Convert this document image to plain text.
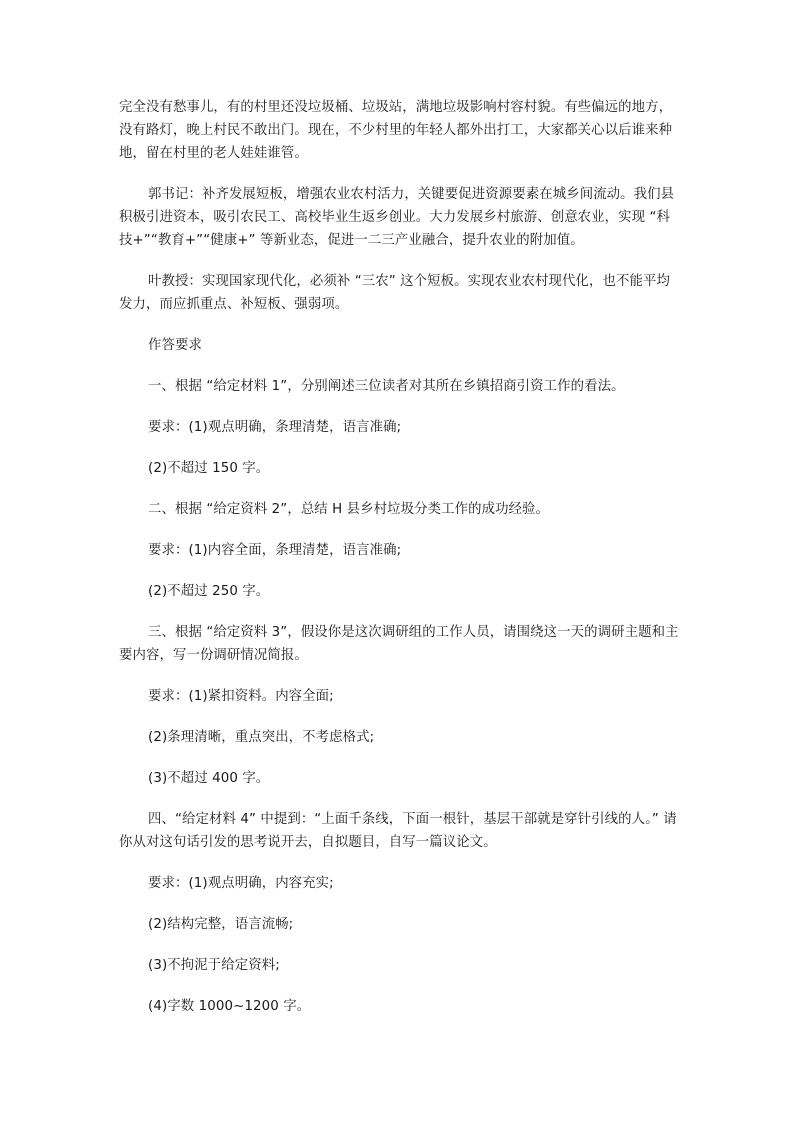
完全没有愁事儿，有的村里还没垃圾桶、垃圾站，满地垃圾影响村容村貌。有些偏远的地方，没有路灯，晚上村民不敢出门。现在，不少村里的年轻人都外出打工，大家都关心以后谁来种地，留在村里的老人娃娃谁管。

郭书记：补齐发展短板，增强农业农村活力，关键要促进资源要素在城乡间流动。我们县积极引进资本，吸引农民工、高校毕业生返乡创业。大力发展乡村旅游、创意农业，实现 “科技+”“教育+”“健康+” 等新业态，促进一二三产业融合，提升农业的附加值。

叶教授：实现国家现代化，必须补 “三农” 这个短板。实现农业农村现代化，也不能平均发力，而应抓重点、补短板、强弱项。

作答要求

一、根据 “给定材料 1”，分别阐述三位读者对其所在乡镇招商引资工作的看法。

要求：(1)观点明确，条理清楚，语言准确;

(2)不超过 150 字。

二、根据 “给定资料 2”，总结 H 县乡村垃圾分类工作的成功经验。

要求：(1)内容全面，条理清楚，语言准确;

(2)不超过 250 字。

三、根据 “给定资料 3”，假设你是这次调研组的工作人员，请围绕这一天的调研主题和主要内容，写一份调研情况简报。

要求：(1)紧扣资料。内容全面;

(2)条理清晰，重点突出，不考虑格式;

(3)不超过 400 字。

四、“给定材料 4” 中提到：“上面千条线，下面一根针，基层干部就是穿针引线的人。” 请你从对这句话引发的思考说开去，自拟题目，自写一篇议论文。

要求：(1)观点明确，内容充实;

(2)结构完整，语言流畅;

(3)不拘泥于给定资料;

(4)字数 1000~1200 字。
